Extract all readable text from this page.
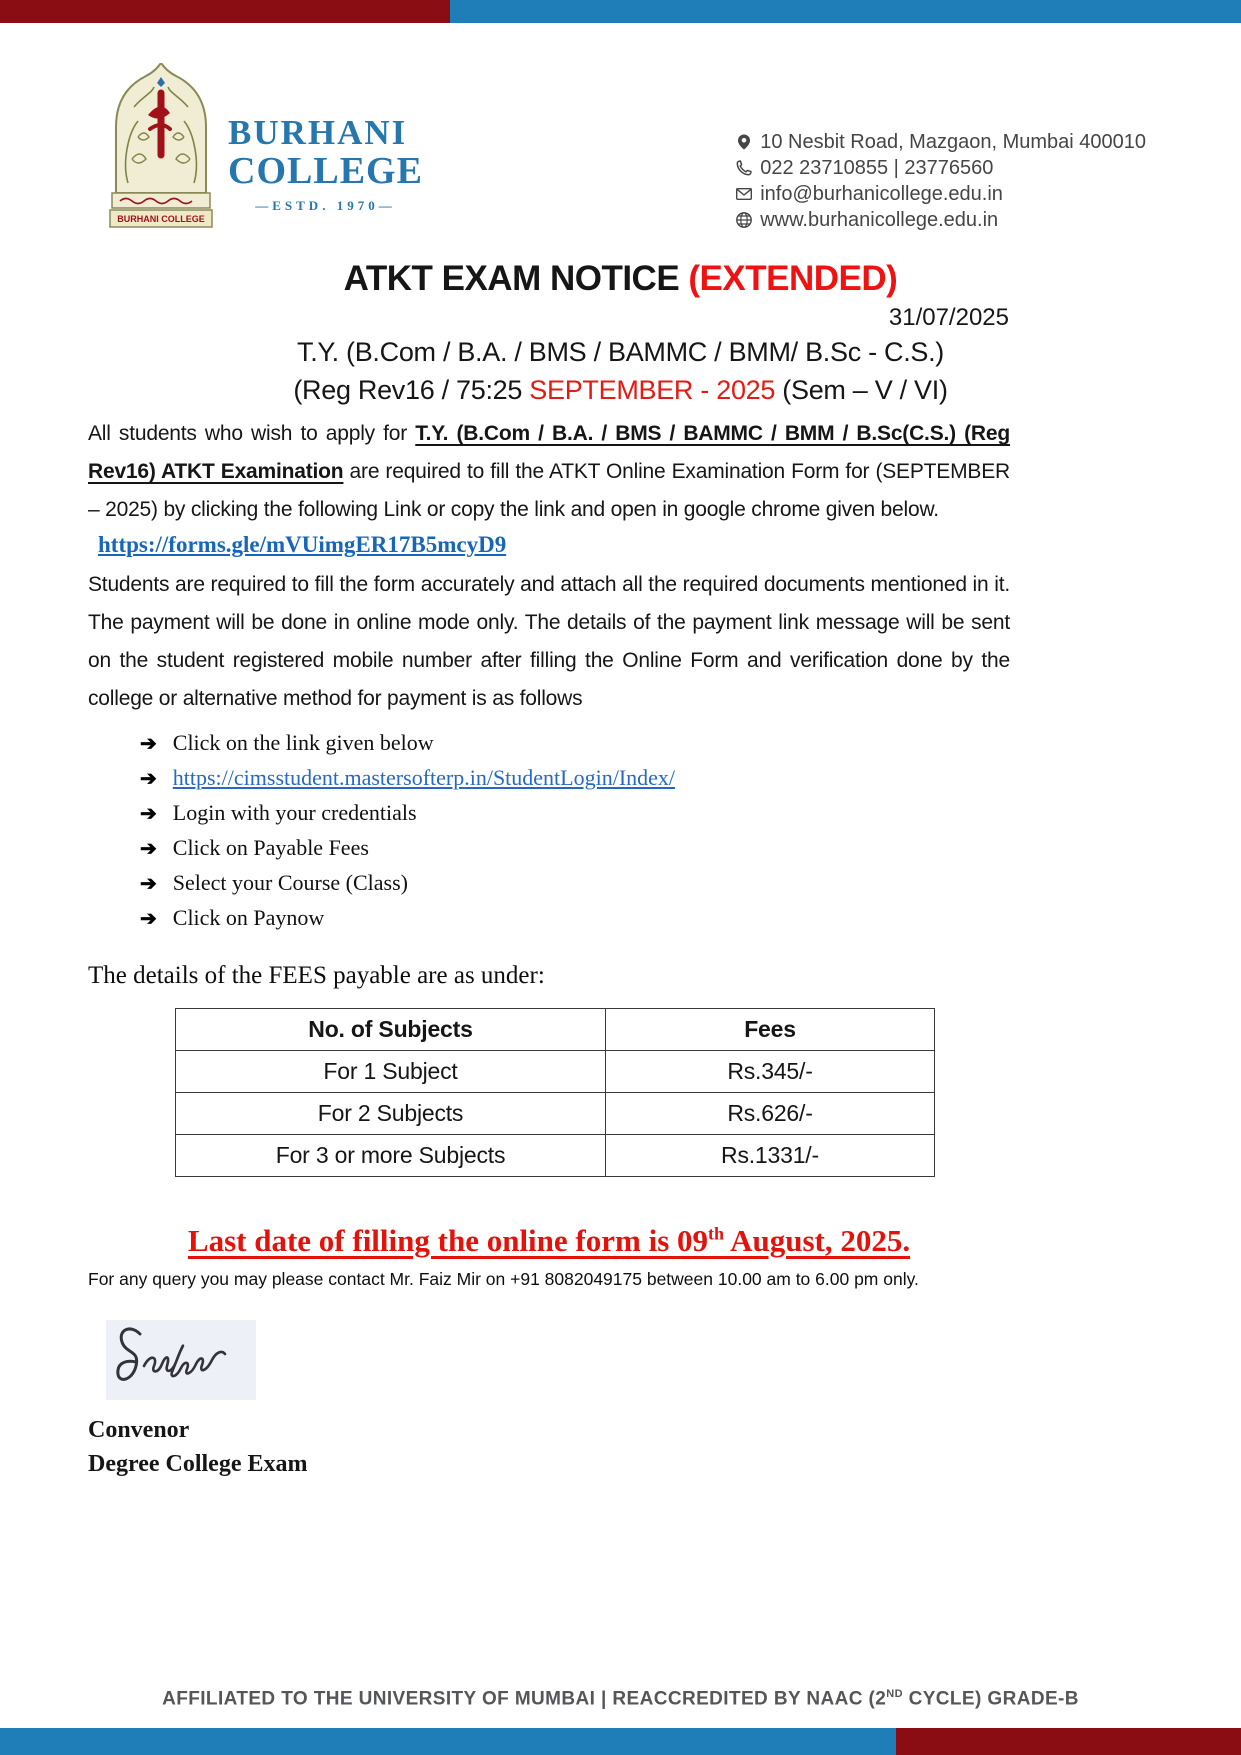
BURHANI COLLEGE
BURHANI
COLLEGE
—ESTD. 1970—
10 Nesbit Road, Mazgaon, Mumbai 400010
022 23710855 | 23776560
info@burhanicollege.edu.in
www.burhanicollege.edu.in
ATKT EXAM NOTICE (EXTENDED)
31/07/2025
T.Y. (B.Com / B.A. / BMS / BAMMC / BMM/ B.Sc - C.S.)
(Reg Rev16 / 75:25 SEPTEMBER - 2025 (Sem – V / VI)

All students who wish to apply for T.Y. (B.Com / B.A. / BMS / BAMMC / BMM / B.Sc(C.S.) (Reg Rev16) ATKT Examination are required to fill the ATKT Online Examination Form for (SEPTEMBER – 2025) by clicking the following Link or copy the link and open in google chrome given below.

https://forms.gle/mVUimgER17B5mcyD9

Students are required to fill the form accurately and attach all the required documents mentioned in it. The payment will be done in online mode only. The details of the payment link message will be sent on the student registered mobile number after filling the Online Form and verification done by the college or alternative method for payment is as follows

➔ Click on the link given below
➔ https://cimsstudent.mastersofterp.in/StudentLogin/Index/
➔ Login with your credentials
➔ Click on Payable Fees
➔ Select your Course (Class)
➔ Click on Paynow
The details of the FEES payable are as under:
No. of Subjects	Fees
For 1 Subject	Rs.345/-
For 2 Subjects	Rs.626/-
For 3 or more Subjects	Rs.1331/-
Last date of filling the online form is 09th August, 2025.
For any query you may please contact Mr. Faiz Mir on +91 8082049175 between 10.00 am to 6.00 pm only.
Convenor
Degree College Exam
AFFILIATED TO THE UNIVERSITY OF MUMBAI | REACCREDITED BY NAAC (2ND CYCLE) GRADE-B
